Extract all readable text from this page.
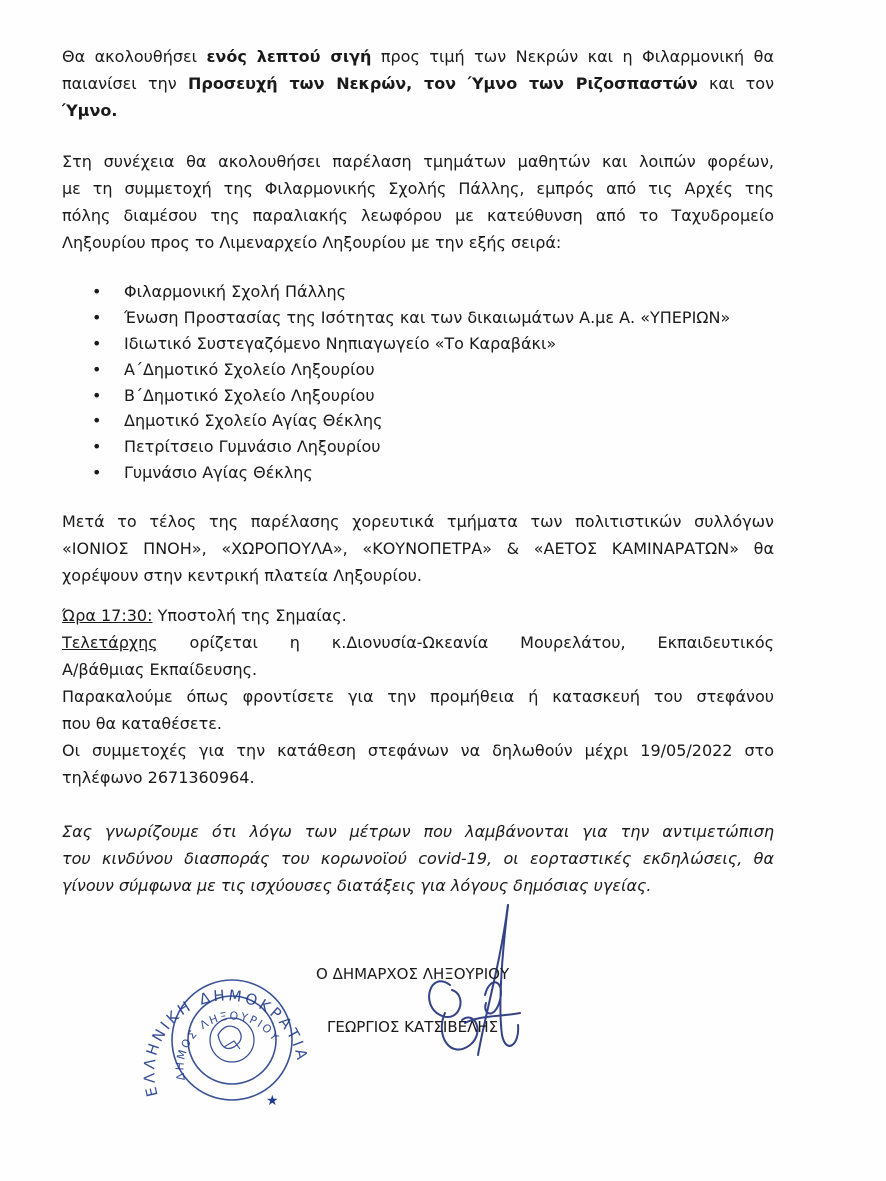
Θα ακολουθήσει ενός λεπτού σιγή προς τιμή των Νεκρών και η Φιλαρμονική θα
παιανίσει την Προσευχή των Νεκρών, τον Ύμνο των Ριζοσπαστών και τον
Ύμνο.
Στη συνέχεια θα ακολουθήσει παρέλαση τμημάτων μαθητών και λοιπών φορέων,
με τη συμμετοχή της Φιλαρμονικής Σχολής Πάλλης, εμπρός από τις Αρχές της
πόλης διαμέσου της παραλιακής λεωφόρου με κατεύθυνση από το Ταχυδρομείο
Ληξουρίου προς το Λιμεναρχείο Ληξουρίου με την εξής σειρά:
• Φιλαρμονική Σχολή Πάλλης
• Ένωση Προστασίας της Ισότητας και των δικαιωμάτων Α.με Α. «ΥΠΕΡΙΩΝ»
• Ιδιωτικό Συστεγαζόμενο Νηπιαγωγείο «Το Καραβάκι»
• Α΄Δημοτικό Σχολείο Ληξουρίου
• Β΄Δημοτικό Σχολείο Ληξουρίου
• Δημοτικό Σχολείο Αγίας Θέκλης
• Πετρίτσειο Γυμνάσιο Ληξουρίου
• Γυμνάσιο Αγίας Θέκλης
Μετά το τέλος της παρέλασης χορευτικά τμήματα των πολιτιστικών συλλόγων
«ΙΟΝΙΟΣ ΠΝΟΗ», «ΧΩΡΟΠΟΥΛΑ», «ΚΟΥΝΟΠΕΤΡΑ» & «ΑΕΤΟΣ ΚΑΜΙΝΑΡΑΤΩΝ» θα
χορέψουν στην κεντρική πλατεία Ληξουρίου.
Ώρα 17:30: Υποστολή της Σημαίας.
Τελετάρχης ορίζεται η κ.Διονυσία-Ωκεανία Μουρελάτου, Εκπαιδευτικός
Α/βάθμιας Εκπαίδευσης.
Παρακαλούμε όπως φροντίσετε για την προμήθεια ή κατασκευή του στεφάνου
που θα καταθέσετε.
Οι συμμετοχές για την κατάθεση στεφάνων να δηλωθούν μέχρι 19/05/2022 στο
τηλέφωνο 2671360964.
Σας γνωρίζουμε ότι λόγω των μέτρων που λαμβάνονται για την αντιμετώπιση
του κινδύνου διασποράς του κορωνοϊού covid-19, οι εορταστικές εκδηλώσεις, θα
γίνουν σύμφωνα με τις ισχύουσες διατάξεις για λόγους δημόσιας υγείας.
ΕΛΛΗΝΙΚΗ ΔΗΜΟΚΡΑΤΙΑ
ΔΗΜΟΣ ΛΗΞΟΥΡΙΟΥ
★
Ο ΔΗΜΑΡΧΟΣ ΛΗΞΟΥΡΙΟΥ
ΓΕΩΡΓΙΟΣ ΚΑΤΣΙΒΕΛΗΣ
